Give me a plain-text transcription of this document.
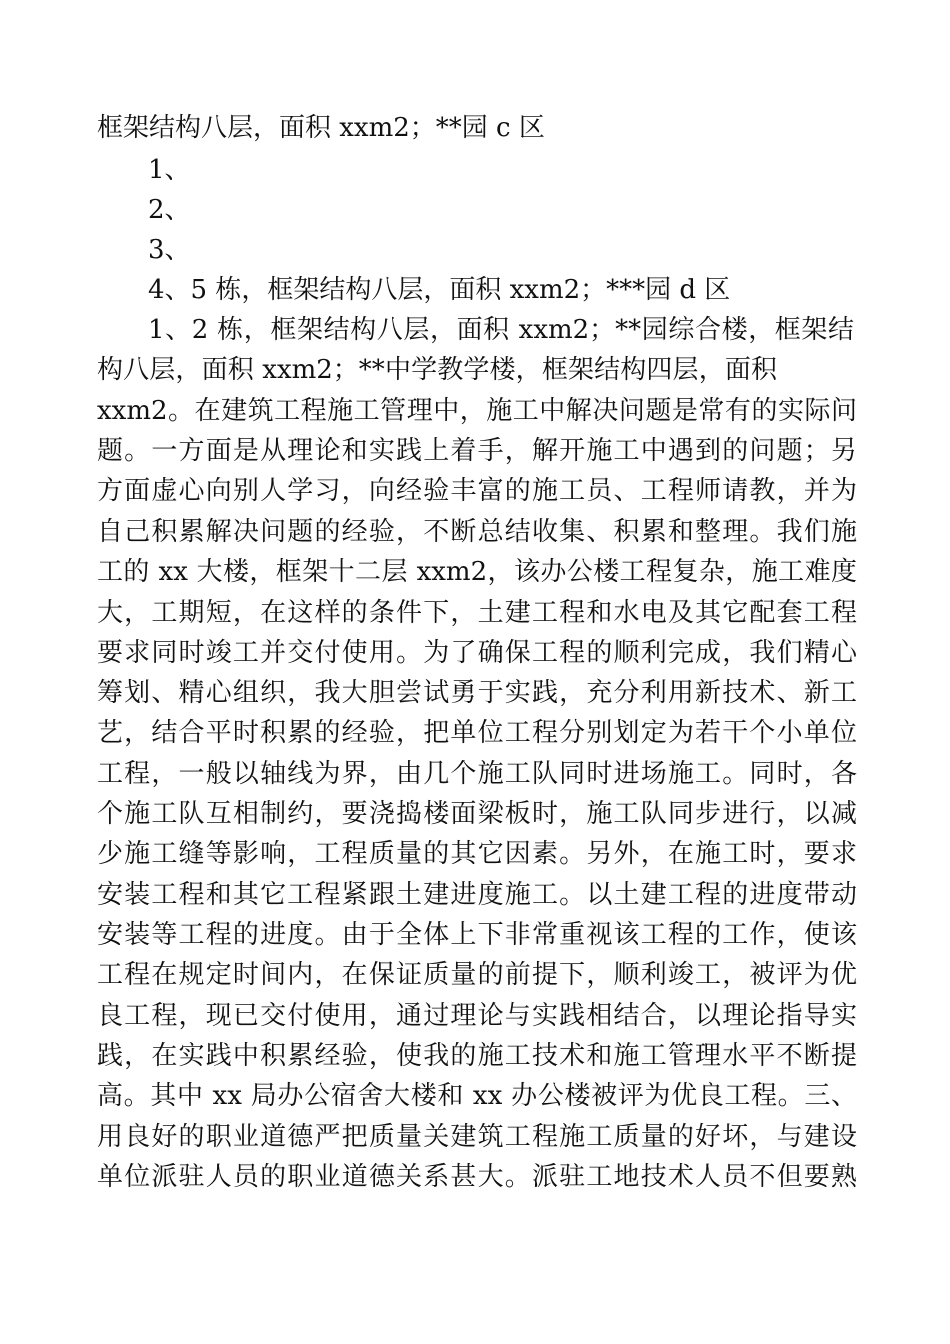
框架结构八层，面积 xxm2；**园 c 区
1、
2、
3、
4、5 栋，框架结构八层，面积 xxm2；***园 d 区
1、2 栋，框架结构八层，面积 xxm2；**园综合楼，框架结
构八层，面积 xxm2；**中学教学楼，框架结构四层，面积
xxm2。在建筑工程施工管理中，施工中解决问题是常有的实际问
题。一方面是从理论和实践上着手，解开施工中遇到的问题；另
方面虚心向别人学习，向经验丰富的施工员、工程师请教，并为
自己积累解决问题的经验，不断总结收集、积累和整理。我们施
工的 xx 大楼，框架十二层 xxm2，该办公楼工程复杂，施工难度
大，工期短，在这样的条件下，土建工程和水电及其它配套工程
要求同时竣工并交付使用。为了确保工程的顺利完成，我们精心
筹划、精心组织，我大胆尝试勇于实践，充分利用新技术、新工
艺，结合平时积累的经验，把单位工程分别划定为若干个小单位
工程，一般以轴线为界，由几个施工队同时进场施工。同时，各
个施工队互相制约，要浇捣楼面梁板时，施工队同步进行，以减
少施工缝等影响，工程质量的其它因素。另外，在施工时，要求
安装工程和其它工程紧跟土建进度施工。以土建工程的进度带动
安装等工程的进度。由于全体上下非常重视该工程的工作，使该
工程在规定时间内，在保证质量的前提下，顺利竣工，被评为优
良工程，现已交付使用，通过理论与实践相结合，以理论指导实
践，在实践中积累经验，使我的施工技术和施工管理水平不断提
高。其中 xx 局办公宿舍大楼和 xx 办公楼被评为优良工程。三、
用良好的职业道德严把质量关建筑工程施工质量的好坏，与建设
单位派驻人员的职业道德关系甚大。派驻工地技术人员不但要熟
